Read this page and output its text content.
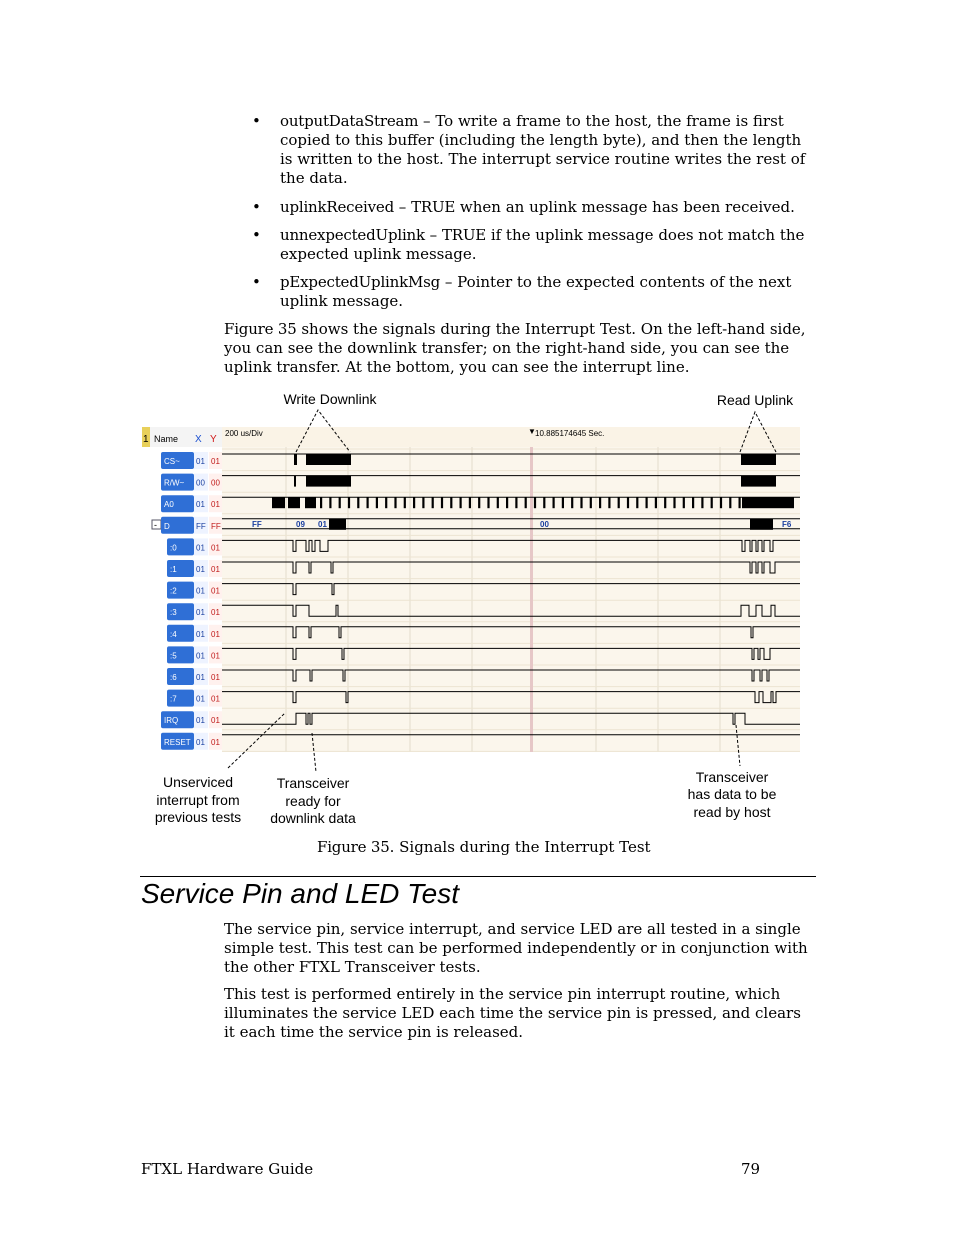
• outputDataStream – To write a frame to the host, the frame is first copied to this buffer (including the length byte), and then the length is written to the host. The interrupt service routine writes the rest of the data.
• uplinkReceived – TRUE when an uplink message has been received.
• unnexpectedUplink – TRUE if the uplink message does not match the expected uplink message.
• pExpectedUplinkMsg – Pointer to the expected contents of the next uplink message.

Figure 35 shows the signals during the Interrupt Test. On the left-hand side, you can see the downlink transfer; on the right-hand side, you can see the uplink transfer. At the bottom, you can see the interrupt line.

1 Name X Y
200 us/Div	▼ 10.885174645 Sec.
-
CS~ 01 01
R/W~ 00 00
A0	01 01
D	FF FF
:0 01 01
:1 01 01
:2 01 01
:3 01 01
:4 01 01
:5 01 01
:6 01 01
:7 01 01
IRQ 01 01
RESET 01 01
FF	09 01	00	F6
Write Downlink	Read Uplink
Unserviced
interrupt from
previous tests
Transceiver
ready for
downlink data
Transceiver
has data to be
read by host
Figure 35. Signals during the Interrupt Test
Service Pin and LED Test

The service pin, service interrupt, and service LED are all tested in a single simple test. This test can be performed independently or in conjunction with the other FTXL Transceiver tests.

This test is performed entirely in the service pin interrupt routine, which illuminates the service LED each time the service pin is pressed, and clears it each time the service pin is released.

FTXL Hardware Guide	79
